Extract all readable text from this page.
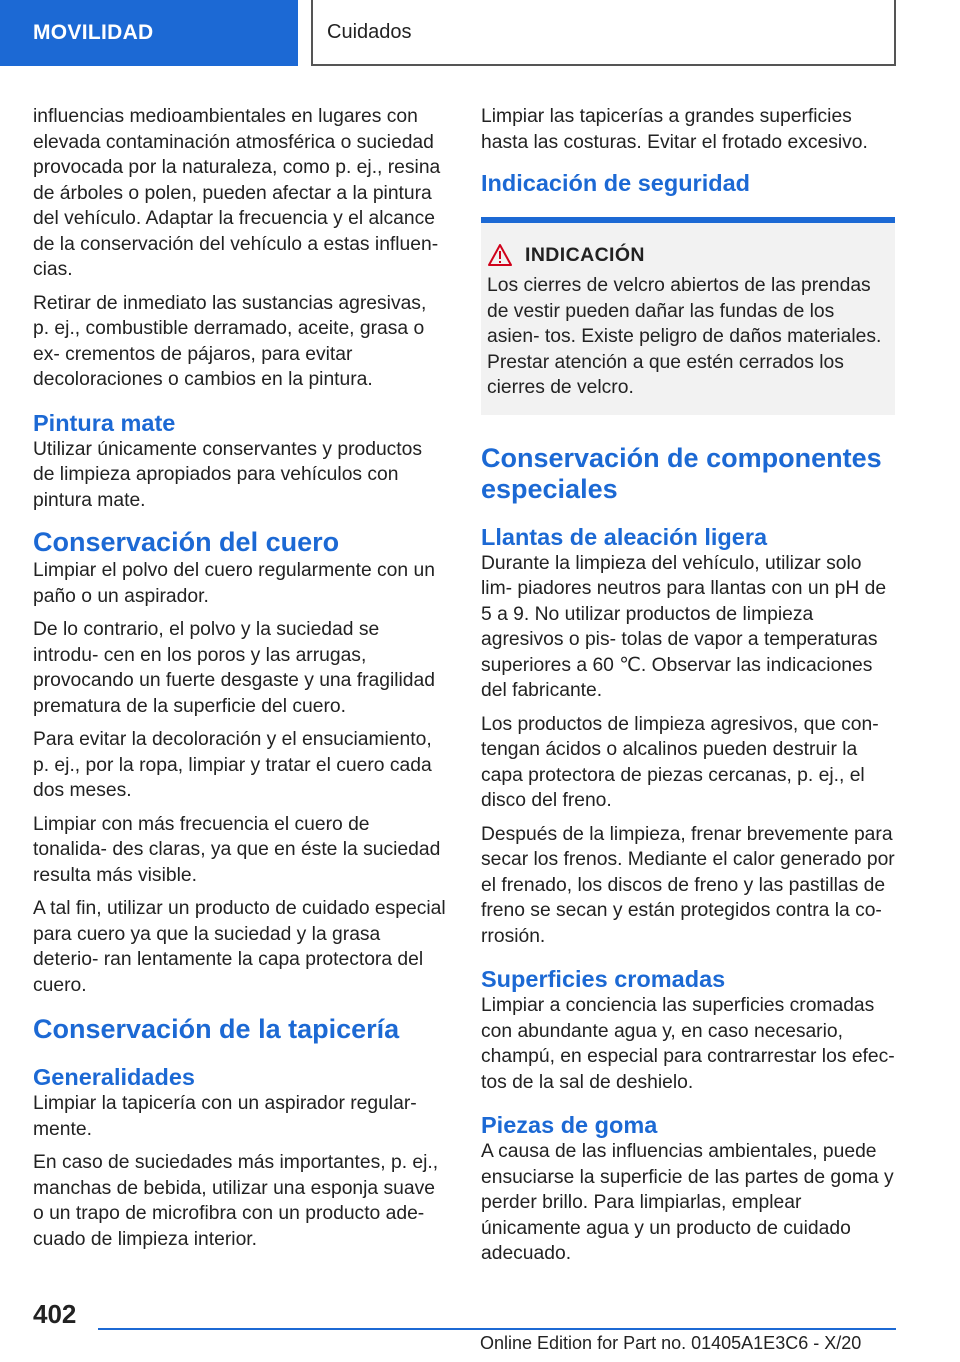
MOVILIDAD	Cuidados

influencias medioambientales en lugares con elevada contaminación atmosférica o suciedad provocada por la naturaleza, como p. ej., resina de árboles o polen, pueden afectar a la pintura del vehículo. Adaptar la frecuencia y el alcance de la conservación del vehículo a estas influen‐ cias.

Retirar de inmediato las sustancias agresivas, p. ej., combustible derramado, aceite, grasa o ex‐ crementos de pájaros, para evitar decoloraciones o cambios en la pintura.

Pintura mate

Utilizar únicamente conservantes y productos de limpieza apropiados para vehículos con pintura mate.

Conservación del cuero

Limpiar el polvo del cuero regularmente con un paño o un aspirador.

De lo contrario, el polvo y la suciedad se introdu‐ cen en los poros y las arrugas, provocando un fuerte desgaste y una fragilidad prematura de la superficie del cuero.

Para evitar la decoloración y el ensuciamiento, p. ej., por la ropa, limpiar y tratar el cuero cada dos meses.

Limpiar con más frecuencia el cuero de tonalida‐ des claras, ya que en éste la suciedad resulta más visible.

A tal fin, utilizar un producto de cuidado especial para cuero ya que la suciedad y la grasa deterio‐ ran lentamente la capa protectora del cuero.

Conservación de la tapicería
Generalidades

Limpiar la tapicería con un aspirador regular‐ mente.

En caso de suciedades más importantes, p. ej., manchas de bebida, utilizar una esponja suave o un trapo de microfibra con un producto ade‐ cuado de limpieza interior.

Limpiar las tapicerías a grandes superficies hasta las costuras. Evitar el frotado excesivo.

Indicación de seguridad
INDICACIÓN

Los cierres de velcro abiertos de las prendas de vestir pueden dañar las fundas de los asien‐ tos. Existe peligro de daños materiales. Prestar atención a que estén cerrados los cierres de velcro.

Conservación de componentes especiales
Llantas de aleación ligera

Durante la limpieza del vehículo, utilizar solo lim‐ piadores neutros para llantas con un pH de 5 a 9. No utilizar productos de limpieza agresivos o pis‐ tolas de vapor a temperaturas superiores a 60 ℃. Observar las indicaciones del fabricante.

Los productos de limpieza agresivos, que con‐ tengan ácidos o alcalinos pueden destruir la capa protectora de piezas cercanas, p. ej., el disco del freno.

Después de la limpieza, frenar brevemente para secar los frenos. Mediante el calor generado por el frenado, los discos de freno y las pastillas de freno se secan y están protegidos contra la co‐ rrosión.

Superficies cromadas

Limpiar a conciencia las superficies cromadas con abundante agua y, en caso necesario, champú, en especial para contrarrestar los efec‐ tos de la sal de deshielo.

Piezas de goma

A causa de las influencias ambientales, puede ensuciarse la superficie de las partes de goma y perder brillo. Para limpiarlas, emplear únicamente agua y un producto de cuidado adecuado.

402
Online Edition for Part no. 01405A1E3C6 - X/20
